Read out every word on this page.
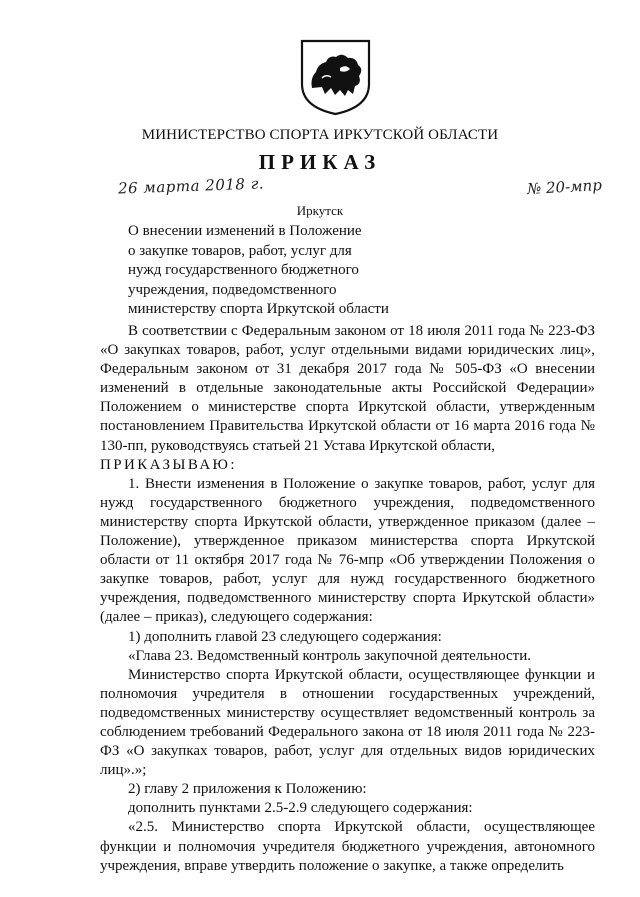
МИНИСТЕРСТВО СПОРТА ИРКУТСКОЙ ОБЛАСТИ
ПРИКАЗ
26 марта 2018 г.	№ 20-мпр
Иркутск
О внесении изменений в Положение
о закупке товаров, работ, услуг для
нужд государственного бюджетного
учреждения, подведомственного
министерству спорта Иркутской области

В соответствии с Федеральным законом от 18 июля 2011 года № 223-ФЗ «О закупках товаров, работ, услуг отдельными видами юридических лиц», Федеральным законом от 31 декабря 2017 года № 505-ФЗ «О внесении изменений в отдельные законодательные акты Российской Федерации» Положением о министерстве спорта Иркутской области, утвержденным постановлением Правительства Иркутской области от 16 марта 2016 года № 130-пп, руководствуясь статьей 21 Устава Иркутской области,

ПРИКАЗЫВАЮ:

1. Внести изменения в Положение о закупке товаров, работ, услуг для нужд государственного бюджетного учреждения, подведомственного министерству спорта Иркутской области, утвержденное приказом (далее – Положение), утвержденное приказом министерства спорта Иркутской области от 11 октября 2017 года № 76-мпр «Об утверждении Положения о закупке товаров, работ, услуг для нужд государственного бюджетного учреждения, подведомственного министерству спорта Иркутской области» (далее – приказ), следующего содержания:

1) дополнить главой 23 следующего содержания:

«Глава 23. Ведомственный контроль закупочной деятельности.

Министерство спорта Иркутской области, осуществляющее функции и полномочия учредителя в отношении государственных учреждений, подведомственных министерству осуществляет ведомственный контроль за соблюдением требований Федерального закона от 18 июля 2011 года № 223-ФЗ «О закупках товаров, работ, услуг для отдельных видов юридических лиц».»;

2) главу 2 приложения к Положению:

дополнить пунктами 2.5-2.9 следующего содержания:

«2.5. Министерство спорта Иркутской области, осуществляющее функции и полномочия учредителя бюджетного учреждения, автономного учреждения, вправе утвердить положение о закупке, а также определить
